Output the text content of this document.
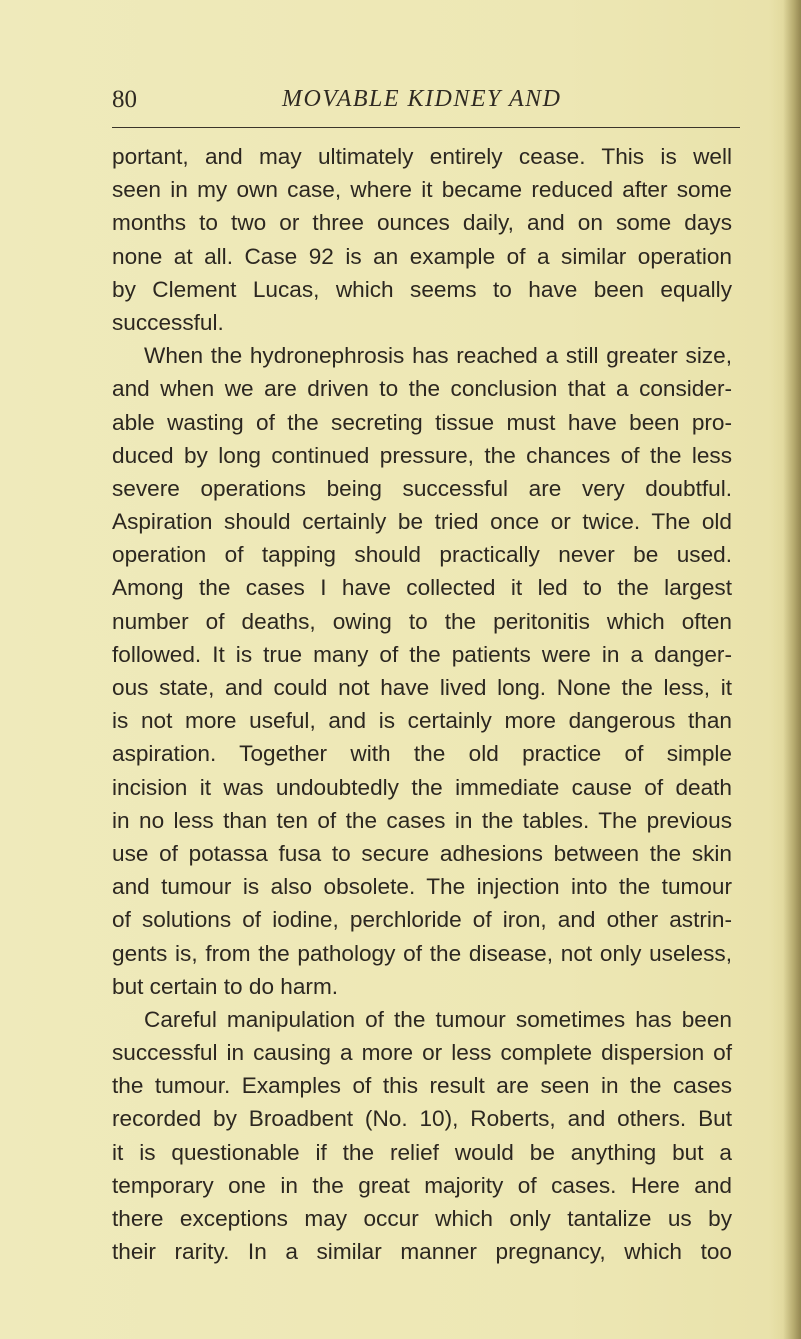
80	MOVABLE KIDNEY AND
portant, and may ultimately entirely cease. This is well
seen in my own case, where it became reduced after some
months to two or three ounces daily, and on some days
none at all. Case 92 is an example of a similar operation
by Clement Lucas, which seems to have been equally
successful.
When the hydronephrosis has reached a still greater size,
and when we are driven to the conclusion that a consider-
able wasting of the secreting tissue must have been pro-
duced by long continued pressure, the chances of the less
severe operations being successful are very doubtful.
Aspiration should certainly be tried once or twice. The old
operation of tapping should practically never be used.
Among the cases I have collected it led to the largest
number of deaths, owing to the peritonitis which often
followed. It is true many of the patients were in a danger-
ous state, and could not have lived long. None the less, it
is not more useful, and is certainly more dangerous than
aspiration. Together with the old practice of simple
incision it was undoubtedly the immediate cause of death
in no less than ten of the cases in the tables. The previous
use of potassa fusa to secure adhesions between the skin
and tumour is also obsolete. The injection into the tumour
of solutions of iodine, perchloride of iron, and other astrin-
gents is, from the pathology of the disease, not only useless,
but certain to do harm.
Careful manipulation of the tumour sometimes has been
successful in causing a more or less complete dispersion of
the tumour. Examples of this result are seen in the cases
recorded by Broadbent (No. 10), Roberts, and others. But
it is questionable if the relief would be anything but a
temporary one in the great majority of cases. Here and
there exceptions may occur which only tantalize us by
their rarity. In a similar manner pregnancy, which too
